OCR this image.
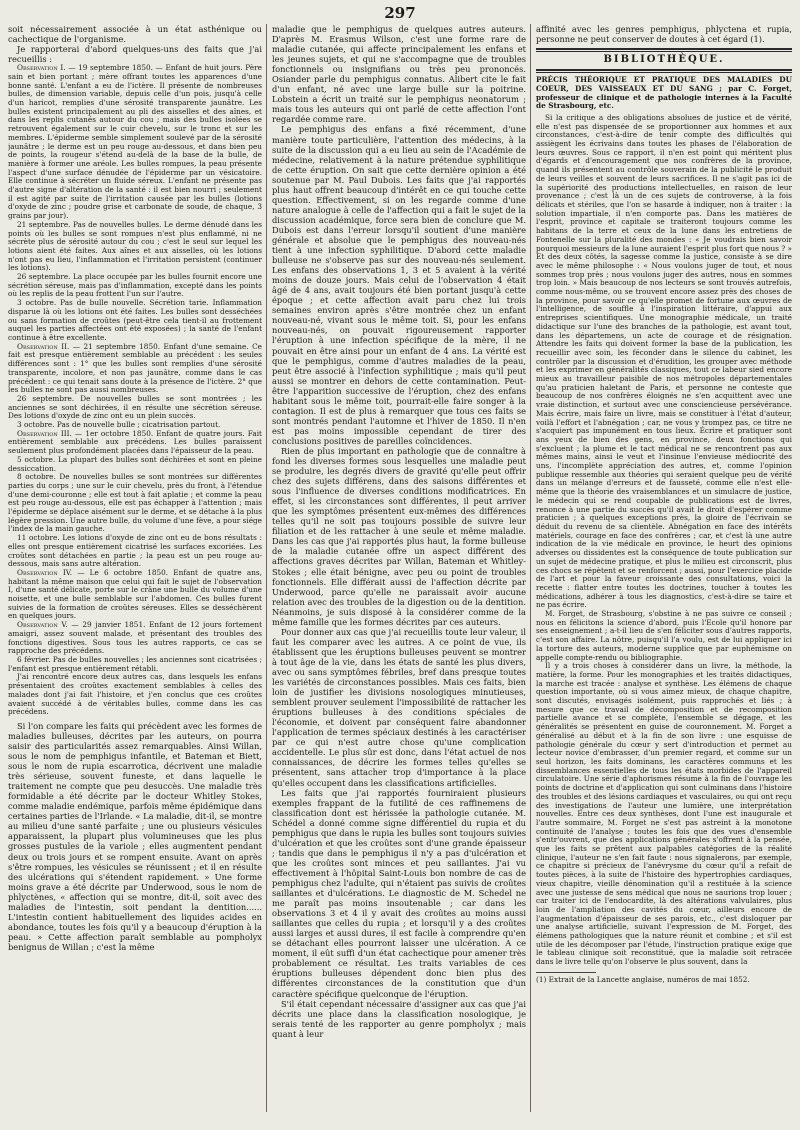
297

soit nécessairement associée à un état asthénique ou cachectique de l'organisme.

Je rapporterai d'abord quelques-uns des faits que j'ai recueillis :

Observation I. — 19 septembre 1850. — Enfant de huit jours. Père sain et bien portant ; mère offrant toutes les apparences d'une bonne santé. L'enfant a eu de l'ictère. Il présente de nombreuses bulles, de dimension variable, depuis celle d'un pois, jusqu'à celle d'un haricot, remplies d'une sérosité transparente jaunâtre. Les bulles existent principalement au pli des aisselles et des aînes, et dans les replis cutanés autour du cou ; mais des bulles isolées se retrouvent également sur le cuir chevelu, sur le tronc et sur les membres. L'épiderme semble simplement soulevé par de la sérosité jaunâtre ; le derme est un peu rouge au-dessous, et dans bien peu de points, la rougeur s'étend au-delà de la base de la bulle, de manière à former une aréole. Les bulles rompues, la peau présente l'aspect d'une surface dénudée de l'épiderme par un vésicatoire. Elle continue à sécréter un fluide séreux. L'enfant ne présente pas d'autre signe d'altération de la santé : il est bien nourri ; seulement il est agité par suite de l'irritation causée par les bulles (lotions d'oxyde de zinc ; poudre grise et carbonate de soude, de chaque, 3 grains par jour).

21 septembre. Pas de nouvelles bulles. Le derme dénudé dans les points où les bulles se sont rompues n'est plus enflammé, ni ne sécrète plus de sérosité autour du cou ; c'est le seul sur lequel les lotions aient été faites. Aux aînes et aux aisselles, où les lotions n'ont pas eu lieu, l'inflammation et l'irritation persistent (continuer les lotions).

26 septembre. La place occupée par les bulles fournit encore une sécrétion séreuse, mais pas d'inflammation, excepté dans les points où les replis de la peau frottent l'un sur l'autre.

3 octobre. Pas de bulle nouvelle. Sécrétion tarie. Inflammation disparue là où les lotions ont été faites. Les bulles sont desséchées ou sans formation de croûtes (peut-être cela tient-il au frottement auquel les parties affectées ont été exposées) ; la santé de l'enfant continue à être excellente.

Observation II. — 21 septembre 1850. Enfant d'une semaine. Ce fait est presque entièrement semblable au précédent : les seules différences sont : 1° que les bulles sont remplies d'une sérosité transparente, incolore, et non pas jaunâtre, comme dans le cas précédent : ce qui tenait sans doute à la présence de l'ictère. 2° que les bulles ne sont pas aussi nombreuses.

26 septembre. De nouvelles bulles se sont montrées ; les anciennes se sont déchirées, il en résulte une sécrétion séreuse. Des lotions d'oxyde de zinc ont eu un plein succès.

3 octobre. Pas de nouvelle bulle ; cicatrisation partout.

Observation III. — 1er octobre 1850. Enfant de quatre jours. Fait entièrement semblable aux précédens. Les bulles paraissent seulement plus profondément placées dans l'épaisseur de la peau.

5 octobre. La plupart des bulles sont déchirées et sont en pleine dessiccation.

8 octobre. De nouvelles bulles se sont montrées sur différentes parties du corps ; une sur le cuir chevelu, près du front, à l'étendue d'une demi-couronne ; elle est tout à fait aplatie ; et comme la peau est peu rouge au-dessous, elle est pas échapper à l'attention ; mais l'épiderme se déplace aisément sur le derme, et se détache à la plus légère pression. Une autre bulle, du volume d'une fève, a pour siége l'index de la main gauche.

11 octobre. Les lotions d'oxyde de zinc ont eu de bons résultats : elles ont presque entièrement cicatrisé les surfaces excoriées. Les croûtes sont détachées en partie ; la peau est un peu rouge au-dessous, mais sans autre altération.

Observation IV. — Le 6 octobre 1850. Enfant de quatre ans, habitant la même maison que celui qui fait le sujet de l'observation I, d'une santé délicate, porte sur le crâne une bulle du volume d'une noisette, et une bulle semblable sur l'abdomen. Ces bulles furent suivies de la formation de croûtes séreuses. Elles se desséchèrent en quelques jours.

Observation V. — 29 janvier 1851. Enfant de 12 jours fortement amaigri, assez souvent malade, et présentant des troubles des fonctions digestives. Sous tous les autres rapports, ce cas se rapproche des précédens.

6 février. Pas de bulles nouvelles ; les anciennes sont cicatrisées ; l'enfant est presque entièrement rétabli.

J'ai rencontré encore deux autres cas, dans lesquels les enfans présentaient des croûtes exactement semblables à celles des malades dont j'ai fait l'histoire, et j'en conclus que ces croûtes avaient succédé à de véritables bulles, comme dans les cas précédens.

Si l'on compare les faits qui précèdent avec les formes de maladies bulleuses, décrites par les auteurs, on pourra saisir des particularités assez remarquables. Ainsi Willan, sous le nom de pemphigus infantile, et Bateman et Biett, sous le nom de rupia escarrotica, décrivent une maladie très sérieuse, souvent funeste, et dans laquelle le traitement ne compte que peu desuccès. Une maladie très formidable a été décrite par le docteur Whitley Stokes, comme maladie endémique, parfois même épidémique dans certaines parties de l'Irlande. « La maladie, dit-il, se montre au milieu d'une santé parfaite ; une ou plusieurs vésicules apparaissent, la plupart plus volumineuses que les plus grosses pustules de la variole ; elles augmentent pendant deux ou trois jours et se rompent ensuite. Avant on après s'être rompues, les vésicules se réunissent ; et il en résulte des ulcérations qui s'étendent rapidement. » Une forme moins grave a été décrite par Underwood, sous le nom de phlyctènes, « affection qui se montre, dit-il, soit avec des maladies de l'intestin, soit pendant la dentition...... L'intestin contient habituellement des liquides acides en abondance, toutes les fois qu'il y a beaucoup d'éruption à la peau. » Cette affection paraît semblable au pompholyx benignus de Willan ; c'est la même

maladie que le pemphigus de quelques autres auteurs. D'après M. Erasmus Wilson, c'est une forme rare de maladie cutanée, qui affecte principalement les enfans et les jeunes sujets, et qui ne s'accompagne que de troubles fonctionnels ou insignifians ou très peu prononcés. Osiander parle du pemphigus connatus. Alibert cite le fait d'un enfant, né avec une large bulle sur la poitrine. Lobstein a écrit un traité sur le pemphigus neonatorum ; mais tous les auteurs qui ont parlé de cette affection l'ont regardée comme rare.

Le pemphigus des enfans a fixé récemment, d'une manière toute particulière, l'attention des médecins, à la suite de la discussion qui a eu lieu au sein de l'Académie de médecine, relativement à la nature prétendue syphilitique de cette éruption. On sait que cette dernière opinion a été soutenue par M. Paul Dubois. Les faits que j'ai rapportés plus haut offrent beaucoup d'intérêt en ce qui touche cette question. Effectivement, si on les regarde comme d'une nature analogue à celle de l'affection qui a fait le sujet de la discussion académique, force sera bien de conclure que M. Dubois est dans l'erreur lorsqu'il soutient d'une manière générale et absolue que le pemphigus des nouveau-nés tient à une infection syphilitique. D'abord cette maladie bulleuse ne s'observe pas sur des nouveau-nés seulement. Les enfans des observations 1, 3 et 5 avaient à la vérité moins de douze jours. Mais celui de l'observation 4 était âgé de 4 ans, avait toujours été bien portant jusqu'à cette époque ; et cette affection avait paru chez lui trois semaines environ après s'être montrée chez un enfant nouveau-né, vivant sous le même toit. Si, pour les enfans nouveau-nés, on pouvait rigoureusement rapporter l'éruption à une infection spécifique de la mère, il ne pouvait en être ainsi pour un enfant de 4 ans. La vérité est que le pemphigus, comme d'autres maladies de la peau, peut être associé à l'infection syphilitique ; mais qu'il peut aussi se montrer en dehors de cette contamination. Peut-être l'apparition successive de l'éruption, chez des enfans habitant sous le même toit, pourrait-elle faire songer à la contagion. Il est de plus à remarquer que tous ces faits se sont montrés pendant l'automne et l'hiver de 1850. Il n'en est pas moins impossible cependant de tirer des conclusions positives de pareilles coïncidences.

Rien de plus important en pathologie que de connaître à fond les diverses formes sous lesquelles une maladie peut se produire, les degrés divers de gravité qu'elle peut offrir chez des sujets différens, dans des saisons différentes et sous l'influence de diverses conditions modificatrices. En effet, si les circonstances sont différentes, il peut arriver que les symptômes présentent eux-mêmes des différences telles qu'il ne soit pas toujours possible de suivre leur filiation et de les rattacher à une seule et même maladie. Dans les cas que j'ai rapportés plus haut, la forme bulleuse de la maladie cutanée offre un aspect différent des affections graves décrites par Willan, Bateman et Whitley-Stokes ; elle était bénigne, avec peu ou point de troubles fonctionnels. Elle différait aussi de l'affection décrite par Underwood, parce qu'elle ne paraissait avoir aucune relation avec des troubles de la digestion ou de la dentition. Néanmoins, je suis disposé à la considérer comme de la même famille que les formes décrites par ces auteurs.

Pour donner aux cas que j'ai recueillis toute leur valeur, il faut les comparer avec les autres. A ce point de vue, ils établissent que les éruptions bulleuses peuvent se montrer à tout âge de la vie, dans les états de santé les plus divers, avec ou sans symptômes fébriles, bref dans presque toutes les variétés de circonstances possibles. Mais ces faits, bien loin de justifier les divisions nosologiques minutieuses, semblent prouver seulement l'impossibilité de rattacher les éruptions bulleuses à des conditions spéciales de l'économie, et doivent par conséquent faire abandonner l'application de termes spéciaux destinés à les caractériser par ce qui n'est autre chose qu'une complication accidentelle. Le plus sûr est donc, dans l'état actuel de nos connaissances, de décrire les formes telles qu'elles se présentent, sans attacher trop d'importance à la place qu'elles occupent dans les classifications artificielles.

Les faits que j'ai rapportés fourniraient plusieurs exemples frappant de la futilité de ces raffinemens de classification dont est hérissée la pathologie cutanée. M. Schédel a donné comme signe différentiel du rupia et du pemphigus que dans le rupia les bulles sont toujours suivies d'ulcération et que les croûtes sont d'une grande épaisseur ; tandis que dans le pemphigus il n'y a pas d'ulcération et que les croûtes sont minces et peu saillantes. J'ai vu effectivement à l'hôpital Saint-Louis bon nombre de cas de pemphigus chez l'adulte, qui n'étaient pas suivis de croûtes saillantes et d'ulcérations. Le diagnostic de M. Schedel ne me paraît pas moins insoutenable ; car dans les observations 3 et 4 il y avait des croûtes au moins aussi saillantes que celles du rupia ; et lorsqu'il y a des croûtes aussi larges et aussi dures, il est facile à comprendre qu'en se détachant elles pourront laisser une ulcération. A ce moment, il eût suffi d'un état cachectique pour amener très probablement ce résultat. Les traits variables de ces éruptions bulleuses dépendent donc bien plus des différentes circonstances de la constitution que d'un caractère spécifique quelconque de l'éruption.

S'il était cependant nécessaire d'assigner aux cas que j'ai décrits une place dans la classification nosologique, je serais tenté de les rapporter au genre pompholyx ; mais quant à leur

affinité avec les genres pemphigus, phlyctena et rupia, personne ne peut conserver de doutes à cet égard (1).

BIBLIOTHÈQUE.

PRÉCIS THÉORIQUE ET PRATIQUE DES MALADIES DU COEUR, DES VAISSEAUX ET DU SANG ; par C. Forget, professeur de clinique et de pathologie internes à la Faculté de Strasbourg, etc.

Si la critique a des obligations absolues de justice et de vérité, elle n'est pas dispensée de se proportionner aux hommes et aux circonstances, c'est-à-dire de tenir compte des difficultés qui assiègent les écrivains dans toutes les phases de l'élaboration de leurs œuvres. Sous ce rapport, il n'en est point qui méritent plus d'égards et d'encouragement que nos confrères de la province, quand ils présentent au contrôle souverain de la publicité le produit de leurs veilles et souvent de leurs sacrifices. Il ne s'agit pas ici de la supériorité des productions intellectuelles, en raison de leur provenance ; c'est là un de ces sujets de controverse, à la fois délicats et stériles, que l'on se hasarde à indiquer, non à traiter : la solution impartiale, il n'en comporte pas. Dans les matières de l'esprit, province et capitale se traiteront toujours comme les habitans de la terre et ceux de la lune dans les entretiens de Fontenelle sur la pluralité des mondes : « Je voudrais bien savoir pourquoi messieurs de la lune auraient l'esprit plus fort que nous ? » Et des deux côtés, la sagesse comme la justice, consiste à se dire avec le même philosophe : « Nous voulons juger de tout, et nous sommes trop près ; nous voulons juger des autres, nous en sommes trop loin. » Mais beaucoup de nos lecteurs se sont trouvés autrefois, comme nous-même, ou se trouvent encore assez près des choses de la province, pour savoir ce qu'elle promet de fortune aux œuvres de l'intelligence, de souffle à l'inspiration littéraire, d'appui aux entreprises scientifiques. Une monographie médicale, un traité didactique sur l'une des branches de la pathologie, est avant tout, dans les départemens, un acte de courage et de résignation. Attendre les faits qui doivent former la base de la publication, les recueillir avec soin, les féconder dans le silence du cabinet, les contrôler par la discussion et d'érudition, les grouper avec méthode et les exprimer en généralités classiques, tout ce labeur sied encore mieux au travailleur paisible de nos métropoles départementales qu'au praticien haletant de Paris, et personne ne conteste que beaucoup de nos confrères éloignés ne s'en acquittent avec une vraie distinction, et surtout avec une consciencieuse persévérance. Mais écrire, mais faire un livre, mais se constituer à l'état d'auteur, voilà l'effort et l'abnégation ; car, ne vous y trompez pas, ce titre ne s'acquiert pas impunément en tous lieux. Écrire et pratiquer sont ans yeux de bien des gens, en province, deux fonctions qui s'excluent ; la plume et le tact médical ne se rencontrent pas aux mêmes mains, ainsi le veut et l'insinue l'envieuse médiocrité des uns, l'incomplète appréciation des autres, et, comme l'opinion publique ressemble aux théories qui seraient quelque peu de vérité dans un mélange d'erreurs et de fausseté, comme elle n'est elle-même que la théorie des vraisemblances et un simulacre de justice, le médecin qui se rend coupable de publications est de livres, renonce à une partie du succès qu'il avait le droit d'espérer comme praticien ; à quelques exceptions près, la gloire de l'écrivain se déduit du revenu de sa clientèle. Abnégation en face des intérêts matériels, courage en face des confrères ; car, et c'est là une autre indication de la vie médicale en province, le heurt des opinions adverses ou dissidentes est la conséquence de toute publication sur un sujet de médecine pratique, et plus le milieu est circonscrit, plus ces chocs se répètent et se renforcent ; aussi, pour l'exercice placide de l'art et pour la faveur croissante des consultations, voici la recette : flatter entre toutes les doctrines, toucher à toutes les médications, adhérer à tous les diagnostics, c'est-à-dire se taire et ne pas écrire.

M. Forget, de Strasbourg, s'obstine à ne pas suivre ce conseil ; nous en félicitons la science d'abord, puis l'Ecole qu'il honore par ses enseignement ; a-t-il lieu de s'en féliciter sous d'autres rapports, c'est son affaire. La nôtre, puisqu'il l'a voulu, est de lui appliquer ici la torture des auteurs, moderne supplice que par euphémisme on appelle compte-rendu ou bibliographie.

Il y a trois choses à considérer dans un livre, la méthode, la matière, la forme. Pour les monographies et les traités didactiques, la marche est tracée : analyse et synthèse. Les élémens de chaque question importante, où si vous aimez mieux, de chaque chapitre, sont discutés, envisagés isolément, puis rapprochés et liés ; à mesure que ce travail de décomposition et de recomposition partielle avance et se complète, l'ensemble se dégage, et les généralités se présentent en guise de couronnement. M. Forget a généralisé au début et à la fin de son livre : une esquisse de pathologie générale du cœur y sert d'introduction et permet au lecteur novice d'embrasser, d'un premier regard, et comme sur un seul horizon, les faits dominans, les caractères communs et les dissemblances essentielles de tous les états morbides de l'appareil circulatoire. Une série d'aphorismes résume à la fin de l'ouvrage les points de doctrine et d'application qui sont culminans dans l'histoire des troubles et des lésions cardiaques et vasculaires, ou qui ont reçu des investigations de l'auteur une lumière, une interprétation nouvelles. Entre ces deux synthèses, dont l'une est inaugurale et l'autre sommaire, M. Forget ne s'est pas astreint à la monotone continuité de l'analyse ; toutes les fois que des vues d'ensemble s'entr'ouvrent, que des applications générales s'offrent à la pensée, que les faits se prêtent aux palpables catégories de la réalité clinique, l'auteur ne s'en fait faute : nous signalerons, par exemple, ce chapitre si précieux de l'anévrysme du cœur qu'il a refait de toutes pièces, à la suite de l'histoire des hypertrophies cardiaques, vieux chapitre, vieille dénomination qu'il a restituée à la science avec une justesse de sens médical que nous ne saurions trop louer ; car traiter ici de l'endocardite, là des altérations valvulaires, plus loin de l'ampliation des cavités du cœur, ailleurs encore de l'augmentation d'épaisseur de ses parois, etc., c'est disloquer par une analyse artificielle, suivant l'expression de M. Forget, des élémens pathologiques que la nature réunit et combine ; et s'il est utile de les décomposer par l'étude, l'instruction pratique exige que le tableau clinique soit reconstitué, que la maladie soit retracée dans le livre telle qu'on l'observe le plus souvent, dans la

(1) Extrait de la Lancette anglaise, numéros de mai 1852.
